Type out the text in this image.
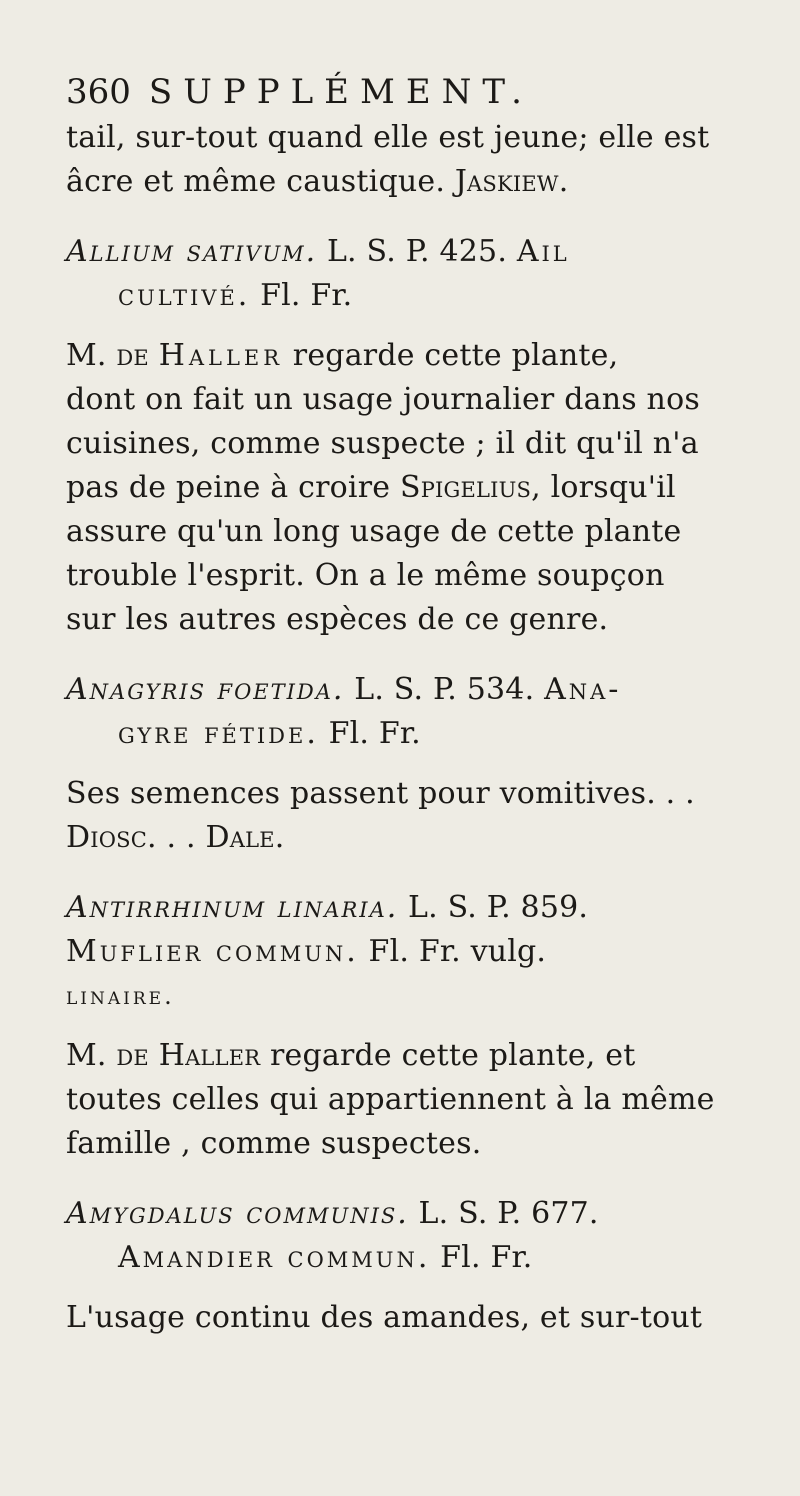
360 SUPPLÉMENT.
tail, sur-tout quand elle est jeune; elle est
âcre et même caustique. Jaskiew.
Allium sativum. L. S. P. 425. Ail
cultivé. Fl. Fr.
M. de Haller regarde cette plante,
dont on fait un usage journalier dans nos
cuisines, comme suspecte ; il dit qu'il n'a
pas de peine à croire Spigelius, lorsqu'il
assure qu'un long usage de cette plante
trouble l'esprit. On a le même soupçon
sur les autres espèces de ce genre.
Anagyris foetida. L. S. P. 534. Ana-
gyre fétide. Fl. Fr.
Ses semences passent pour vomitives. . .
Diosc. . . Dale.
Antirrhinum linaria. L. S. P. 859.
Muflier commun. Fl. Fr. vulg.
linaire.
M. de Haller regarde cette plante, et
toutes celles qui appartiennent à la même
famille , comme suspectes.
Amygdalus communis. L. S. P. 677.
Amandier commun. Fl. Fr.
L'usage continu des amandes, et sur-tout
